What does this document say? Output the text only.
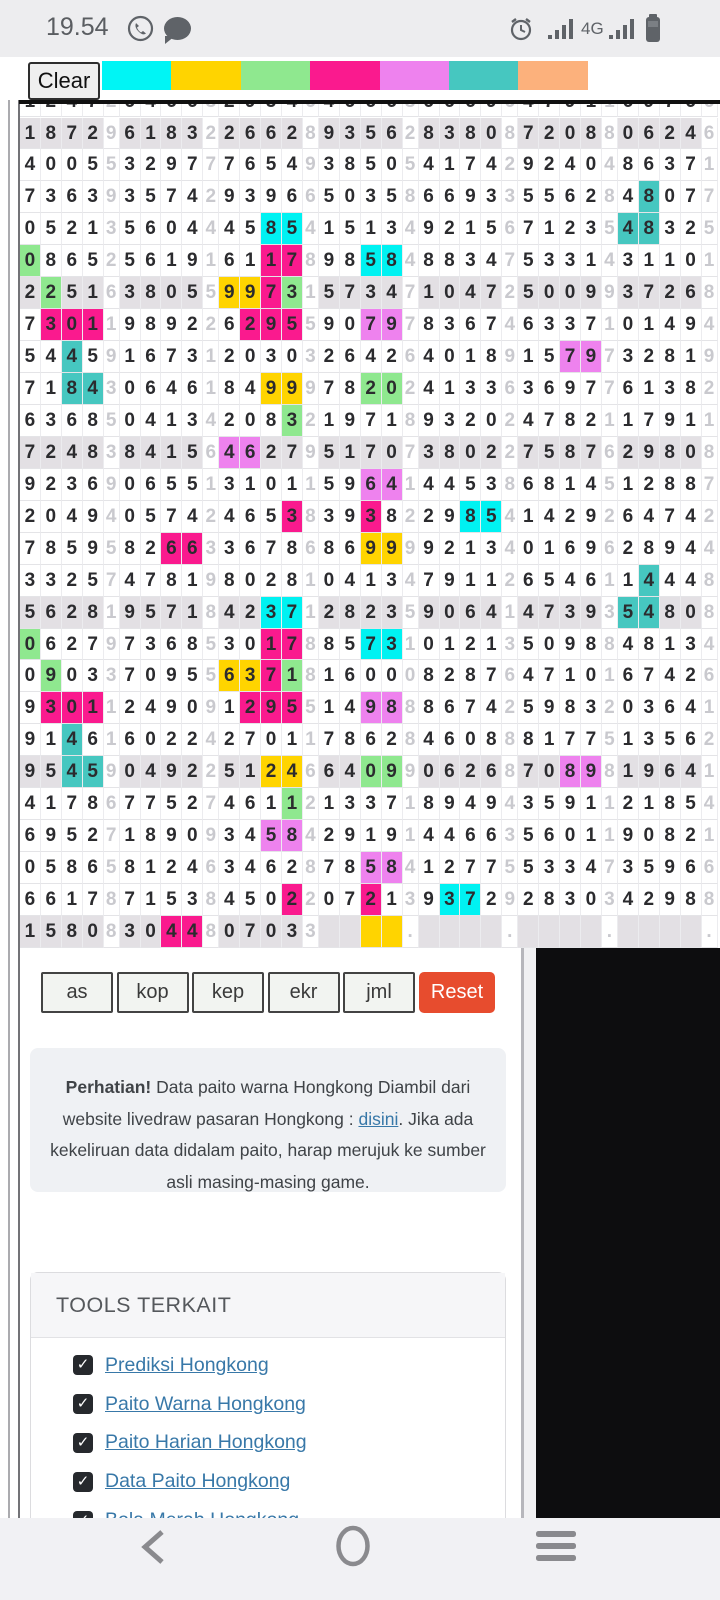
19.54	4G
Clear
1 8 7 2 9 6 1 8 3 2 2 6 6 2 8 9 3 5 6 2 8 3 8 0 8 7 2 0 8 8 0 6 2 4 6
4 0 0 5 5 3 2 9 7 7 7 6 5 4 9 3 8 5 0 5 4 1 7 4 2 9 2 4 0 4 8 6 3 7 1
7 3 6 3 9 3 5 7 4 2 9 3 9 6 6 5 0 3 5 8 6 6 9 3 3 5 5 6 2 8 4 8 0 7 7
0 5 2 1 3 5 6 0 4 4 4 5 8 5 4 1 5 1 3 4 9 2 1 5 6 7 1 2 3 5 4 8 3 2 5
0 8 6 5 2 5 6 1 9 1 6 1 1 7 8 9 8 5 8 4 8 8 3 4 7 5 3 3 1 4 3 1 1 0 1
2 2 5 1 6 3 8 0 5 5 9 9 7 3 1 5 7 3 4 7 1 0 4 7 2 5 0 0 9 9 3 7 2 6 8
7 3 0 1 1 9 8 9 2 2 6 2 9 5 5 9 0 7 9 7 8 3 6 7 4 6 3 3 7 1 0 1 4 9 4
5 4 4 5 9 1 6 7 3 1 2 0 3 0 3 2 6 4 2 6 4 0 1 8 9 1 5 7 9 7 3 2 8 1 9
7 1 8 4 3 0 6 4 6 1 8 4 9 9 9 7 8 2 0 2 4 1 3 3 6 3 6 9 7 7 6 1 3 8 2
6 3 6 8 5 0 4 1 3 4 2 0 8 3 2 1 9 7 1 8 9 3 2 0 2 4 7 8 2 1 1 7 9 1 1
7 2 4 8 3 8 4 1 5 6 4 6 2 7 9 5 1 7 0 7 3 8 0 2 2 7 5 8 7 6 2 9 8 0 8
9 2 3 6 9 0 6 5 5 1 3 1 0 1 1 5 9 6 4 1 4 4 5 3 8 6 8 1 4 5 1 2 8 8 7
2 0 4 9 4 0 5 7 4 2 4 6 5 3 8 3 9 3 8 2 2 9 8 5 4 1 4 2 9 2 6 4 7 4 2
7 8 5 9 5 8 2 6 6 3 3 6 7 8 6 8 6 9 9 9 9 2 1 3 4 0 1 6 9 6 2 8 9 4 4
3 3 2 5 7 4 7 8 1 9 8 0 2 8 1 0 4 1 3 4 7 9 1 1 2 6 5 4 6 1 1 4 4 4 8
5 6 2 8 1 9 5 7 1 8 4 2 3 7 1 2 8 2 3 5 9 0 6 4 1 4 7 3 9 3 5 4 8 0 8
0 6 2 7 9 7 3 6 8 5 3 0 1 7 8 8 5 7 3 1 0 1 2 1 3 5 0 9 8 8 4 8 1 3 4
0 9 0 3 3 7 0 9 5 5 6 3 7 1 8 1 6 0 0 0 8 2 8 7 6 4 7 1 0 1 6 7 4 2 6
9 3 0 1 1 2 4 9 0 9 1 2 9 5 5 1 4 9 8 8 8 6 7 4 2 5 9 8 3 2 0 3 6 4 1
9 1 4 6 1 6 0 2 2 4 2 7 0 1 1 7 8 6 2 8 4 6 0 8 8 8 1 7 7 5 1 3 5 6 2
9 5 4 5 9 0 4 9 2 2 5 1 2 4 6 6 4 0 9 9 0 6 2 6 8 7 0 8 9 8 1 9 6 4 1
4 1 7 8 6 7 7 5 2 7 4 6 1 1 2 1 3 3 7 1 8 9 4 9 4 3 5 9 1 1 2 1 8 5 4
6 9 5 2 7 1 8 9 0 9 3 4 5 8 4 2 9 1 9 1 4 4 6 6 3 5 6 0 1 1 9 0 8 2 1
0 5 8 6 5 8 1 2 4 6 3 4 6 2 8 7 8 5 8 4 1 2 7 7 5 5 3 3 4 7 3 5 9 6 6
6 6 1 7 8 7 1 5 3 8 4 5 0 2 2 0 7 2 1 3 9 3 7 2 9 2 8 3 0 3 4 2 9 8 8
1 5 8 0 8 3 0 4 4 8 0 7 0 3 3	.	.	.	.
as	kop	kep	ekr	jml	Reset
Perhatian! Data paito warna Hongkong Diambil dari website livedraw pasaran Hongkong : disini. Jika ada kekeliruan data didalam paito, harap merujuk ke sumber asli masing-masing game.
TOOLS TERKAIT
✓ Prediksi Hongkong
✓ Paito Warna Hongkong
✓ Paito Harian Hongkong
✓ Data Paito Hongkong
